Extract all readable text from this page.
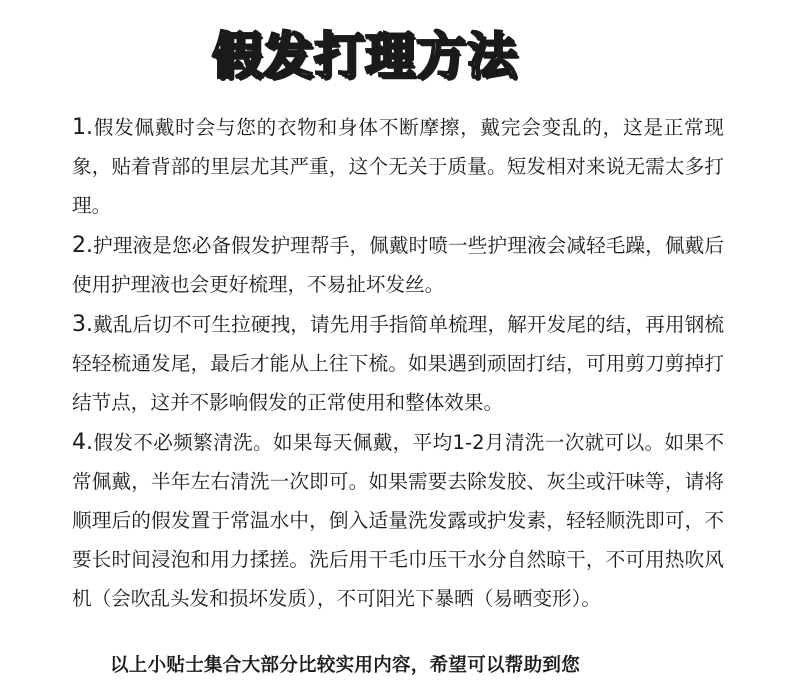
假发打理方法

1.假发佩戴时会与您的衣物和身体不断摩擦，戴完会变乱的，这是正常现象，贴着背部的里层尤其严重，这个无关于质量。短发相对来说无需太多打理。

2.护理液是您必备假发护理帮手，佩戴时喷一些护理液会减轻毛躁，佩戴后使用护理液也会更好梳理，不易扯坏发丝。

3.戴乱后切不可生拉硬拽，请先用手指简单梳理，解开发尾的结，再用钢梳轻轻梳通发尾，最后才能从上往下梳。如果遇到顽固打结，可用剪刀剪掉打结节点，这并不影响假发的正常使用和整体效果。

4.假发不必频繁清洗。如果每天佩戴，平均1-2月清洗一次就可以。如果不常佩戴，半年左右清洗一次即可。如果需要去除发胶、灰尘或汗味等，请将顺理后的假发置于常温水中，倒入适量洗发露或护发素，轻轻顺洗即可，不要长时间浸泡和用力揉搓。洗后用干毛巾压干水分自然晾干，不可用热吹风机（会吹乱头发和损坏发质），不可阳光下暴晒（易晒变形）。

以上小贴士集合大部分比较实用内容，希望可以帮助到您
